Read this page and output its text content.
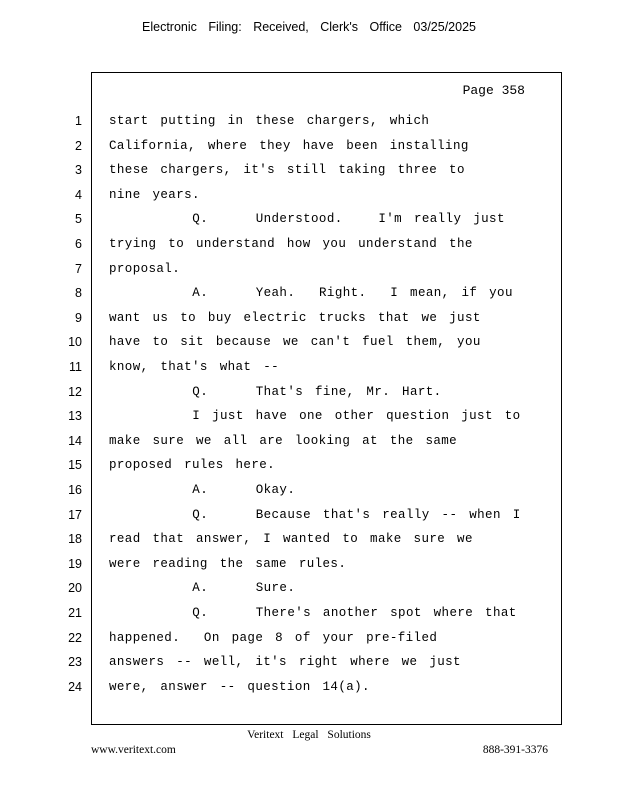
Electronic Filing: Received, Clerk's Office 03/25/2025
Page 358
1 start putting in these chargers, which
2 California, where they have been installing
3 these chargers, it's still taking three to
4 nine years.
5 Q.    Understood.   I'm really just
6 trying to understand how you understand the
7 proposal.
8 A.    Yeah.  Right.  I mean, if you
9 want us to buy electric trucks that we just
10 have to sit because we can't fuel them, you
11 know, that's what --
12 Q.    That's fine, Mr. Hart.
13 I just have one other question just to
14 make sure we all are looking at the same
15 proposed rules here.
16 A.    Okay.
17 Q.    Because that's really -- when I
18 read that answer, I wanted to make sure we
19 were reading the same rules.
20 A.    Sure.
21 Q.    There's another spot where that
22 happened.  On page 8 of your pre-filed
23 answers -- well, it's right where we just
24 were, answer -- question 14(a).
Veritext Legal Solutions
www.veritext.com	888-391-3376
